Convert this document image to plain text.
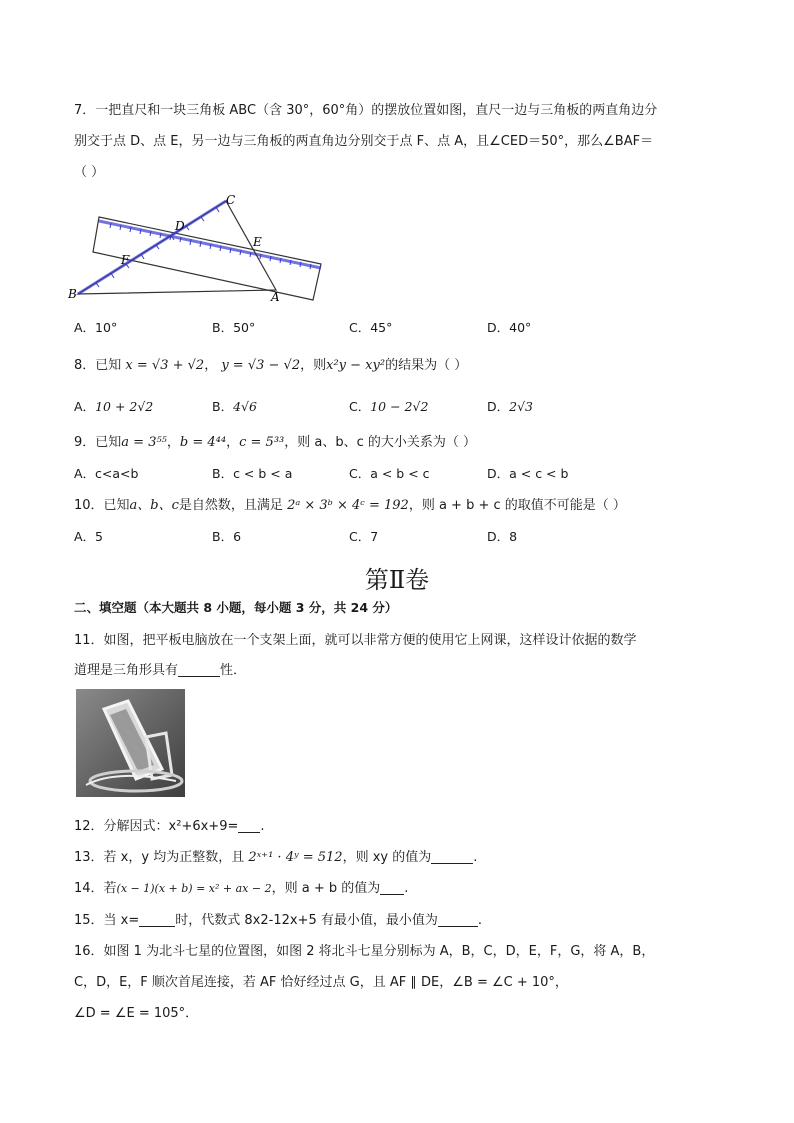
7．一把直尺和一块三角板 ABC（含 30°，60°角）的摆放位置如图，直尺一边与三角板的两直角边分
别交于点 D、点 E，另一边与三角板的两直角边分别交于点 F、点 A，且∠CED＝50°，那么∠BAF＝
（ ）
C
D
E
F
B	A
A．10°	B．50°	C．45°	D．40°
8．已知 x = √3 + √2， y = √3 − √2，则x²y − xy²的结果为（ ）
A．10 + 2√2	B．4√6	C．10 − 2√2	D．2√3
9．已知a = 3⁵⁵，b = 4⁴⁴，c = 5³³，则 a、b、c 的大小关系为（ ）
A．c<a<b	B．c < b < a	C．a < b < c	D．a < c < b
10．已知a、b、c是自然数，且满足 2ᵃ × 3ᵇ × 4ᶜ = 192，则 a + b + c 的取值不可能是（ ）
A．5	B．6	C．7	D．8
第Ⅱ卷
二、填空题（本大题共 8 小题，每小题 3 分，共 24 分）
11．如图，把平板电脑放在一个支架上面，就可以非常方便的使用它上网课，这样设计依据的数学
道理是三角形具有	性．
12．分解因式：x²+6x+9= .
13．若 x，y 均为正整数，且 2ˣ⁺¹ · 4ʸ = 512，则 xy 的值为	.
14．若(x − 1)(x + b) = x² + ax − 2，则 a + b 的值为 .
15．当 x=	时，代数式 8x2-12x+5 有最小值，最小值为	.
16．如图 1 为北斗七星的位置图，如图 2 将北斗七星分别标为 A，B，C，D，E，F，G，将 A，B，
C，D，E，F 顺次首尾连接，若 AF 恰好经过点 G，且 AF ∥ DE，∠B = ∠C + 10°，
∠D = ∠E = 105°．
